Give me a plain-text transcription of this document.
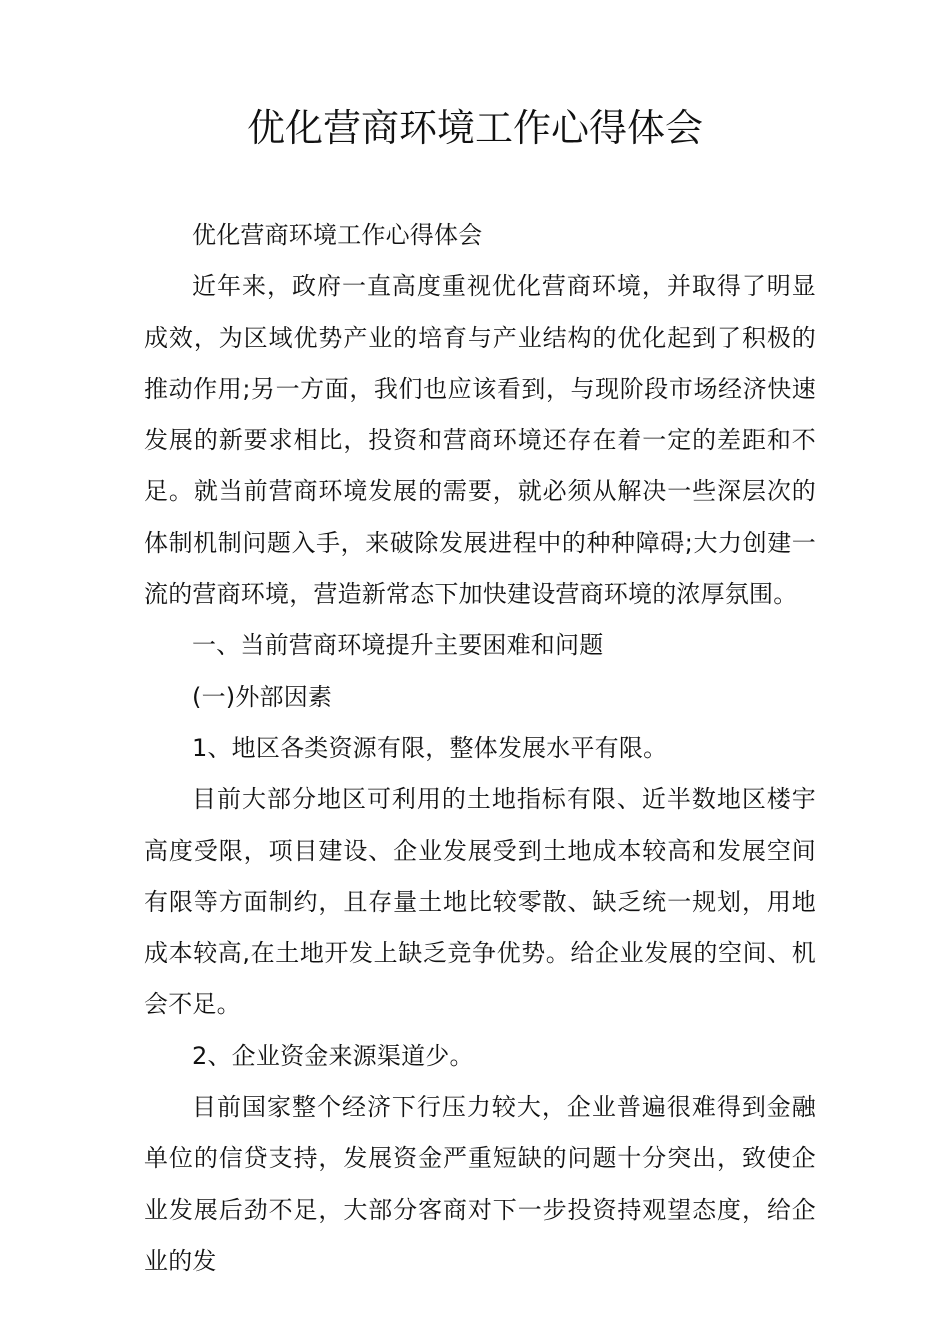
优化营商环境工作心得体会

优化营商环境工作心得体会

近年来，政府一直高度重视优化营商环境，并取得了明显成效，为区域优势产业的培育与产业结构的优化起到了积极的推动作用;另一方面，我们也应该看到，与现阶段市场经济快速发展的新要求相比，投资和营商环境还存在着一定的差距和不足。就当前营商环境发展的需要，就必须从解决一些深层次的体制机制问题入手，来破除发展进程中的种种障碍;大力创建一流的营商环境，营造新常态下加快建设营商环境的浓厚氛围。

一、当前营商环境提升主要困难和问题

(一)外部因素

1、地区各类资源有限，整体发展水平有限。

目前大部分地区可利用的土地指标有限、近半数地区楼宇高度受限，项目建设、企业发展受到土地成本较高和发展空间有限等方面制约，且存量土地比较零散、缺乏统一规划，用地成本较高,在土地开发上缺乏竞争优势。给企业发展的空间、机会不足。

2、企业资金来源渠道少。

目前国家整个经济下行压力较大，企业普遍很难得到金融单位的信贷支持，发展资金严重短缺的问题十分突出，致使企业发展后劲不足，大部分客商对下一步投资持观望态度，给企业的发
